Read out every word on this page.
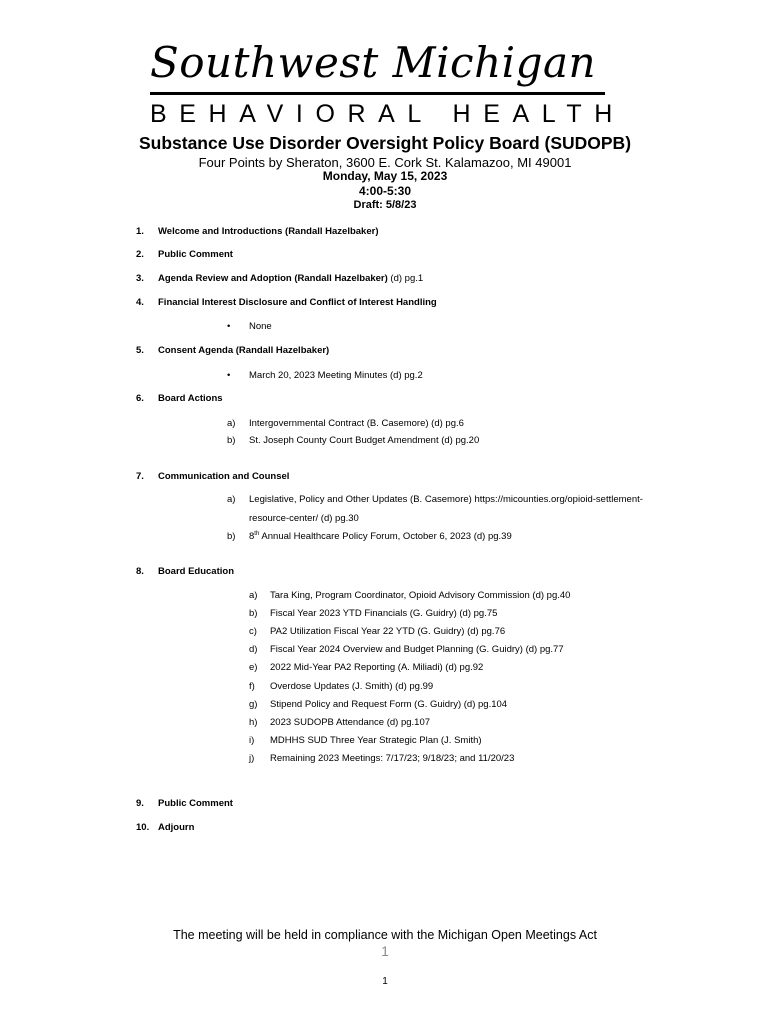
Southwest Michigan
BEHAVIORAL HEALTH
Substance Use Disorder Oversight Policy Board (SUDOPB)
Four Points by Sheraton, 3600 E. Cork St. Kalamazoo, MI 49001
Monday, May 15, 2023
4:00-5:30
Draft: 5/8/23
1. Welcome and Introductions (Randall Hazelbaker)
2. Public Comment
3. Agenda Review and Adoption (Randall Hazelbaker) (d) pg.1
4. Financial Interest Disclosure and Conflict of Interest Handling
• None
5. Consent Agenda (Randall Hazelbaker)
• March 20, 2023 Meeting Minutes (d) pg.2
6. Board Actions
a) Intergovernmental Contract (B. Casemore) (d) pg.6
b) St. Joseph County Court Budget Amendment (d) pg.20
7. Communication and Counsel
a) Legislative, Policy and Other Updates (B. Casemore) https://micounties.org/opioid-settlement-
resource-center/ (d) pg.30
b) 8th Annual Healthcare Policy Forum, October 6, 2023 (d) pg.39
8. Board Education
a) Tara King, Program Coordinator, Opioid Advisory Commission (d) pg.40
b) Fiscal Year 2023 YTD Financials (G. Guidry) (d) pg.75
c) PA2 Utilization Fiscal Year 22 YTD (G. Guidry) (d) pg.76
d) Fiscal Year 2024 Overview and Budget Planning (G. Guidry) (d) pg.77
e) 2022 Mid-Year PA2 Reporting (A. Miliadi) (d) pg.92
f) Overdose Updates (J. Smith) (d) pg.99
g) Stipend Policy and Request Form (G. Guidry) (d) pg.104
h) 2023 SUDOPB Attendance (d) pg.107
i) MDHHS SUD Three Year Strategic Plan (J. Smith)
j) Remaining 2023 Meetings: 7/17/23; 9/18/23; and 11/20/23
9. Public Comment
10. Adjourn
The meeting will be held in compliance with the Michigan Open Meetings Act
1
1
